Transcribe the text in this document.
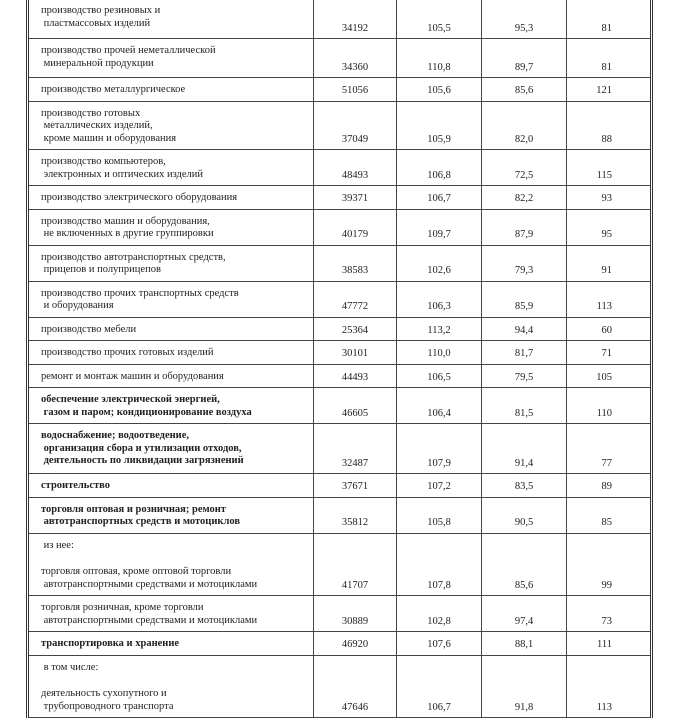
производство резиновых и
пластмассовых изделий	34192	105,5	95,3	81
производство прочей неметаллической
минеральной продукции	34360	110,8	89,7	81
производство металлургическое	51056	105,6	85,6	121
производство готовых
металлических изделий,
кроме машин и оборудования	37049	105,9	82,0	88
производство компьютеров,
электронных и оптических изделий	48493	106,8	72,5	115
производство электрического оборудования	39371	106,7	82,2	93
производство машин и оборудования,
не включенных в другие группировки	40179	109,7	87,9	95
производство автотранспортных средств,
прицепов и полуприцепов	38583	102,6	79,3	91
производство прочих транспортных средств
и оборудования	47772	106,3	85,9	113
производство мебели	25364	113,2	94,4	60
производство прочих готовых изделий	30101	110,0	81,7	71
ремонт и монтаж машин и оборудования	44493	106,5	79,5	105
обеспечение электрической энергией,
газом и паром; кондиционирование воздуха	46605	106,4	81,5	110
водоснабжение; водоотведение,
организация сбора и утилизации отходов,
деятельность по ликвидации загрязнений	32487	107,9	91,4	77
строительство	37671	107,2	83,5	89
торговля оптовая и розничная; ремонт
автотранспортных средств и мотоциклов	35812	105,8	90,5	85

из нее:
торговля оптовая, кроме оптовой торговли
автотранспортными средствами и мотоциклами	41707	107,8	85,6	99
торговля розничная, кроме торговли
автотранспортными средствами и мотоциклами	30889	102,8	97,4	73
транспортировка и хранение	46920	107,6	88,1	111

в том числе:
деятельность сухопутного и
трубопроводного транспорта	47646	106,7	91,8	113
